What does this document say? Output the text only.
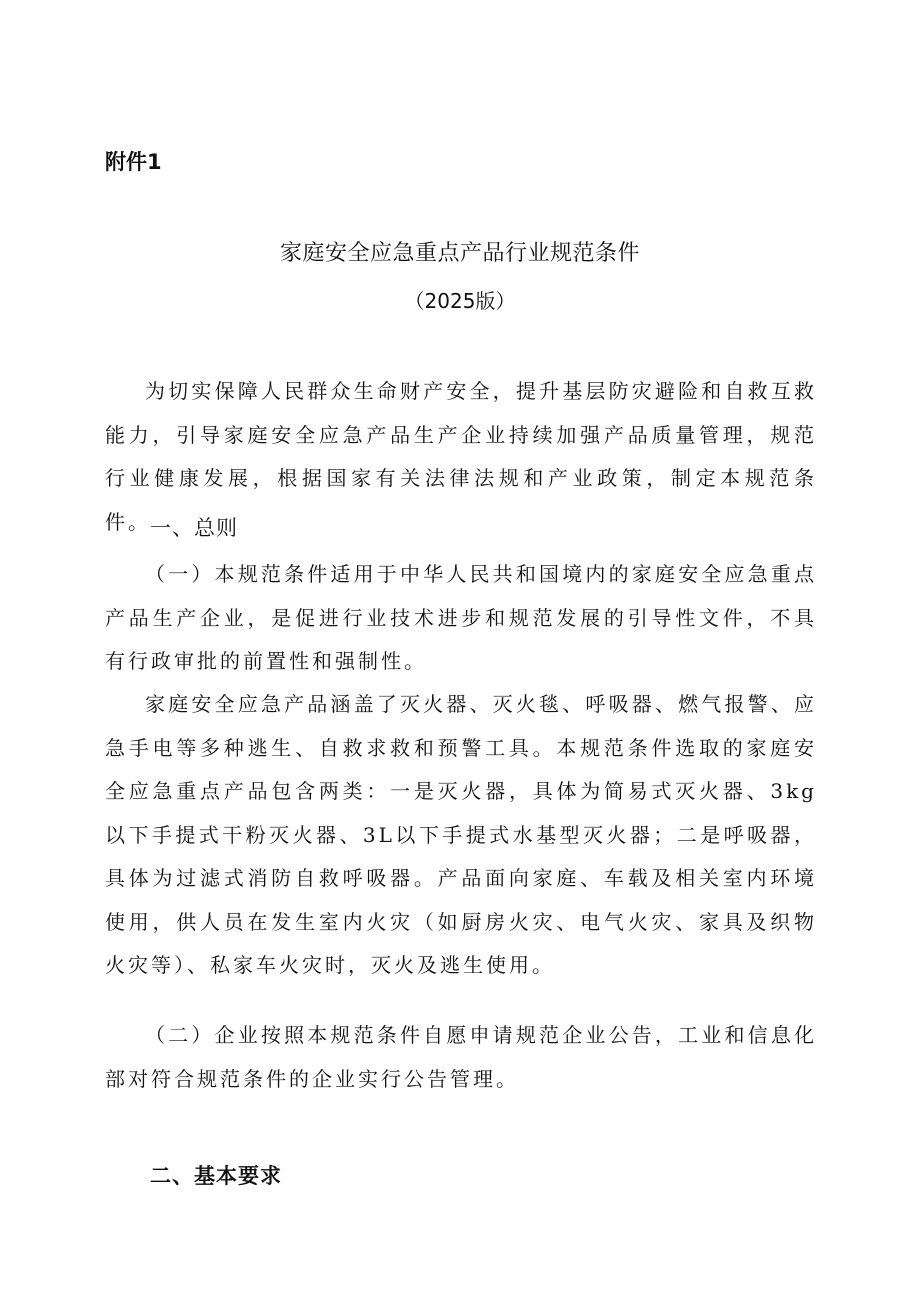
附件1
家庭安全应急重点产品行业规范条件
（2025版）

为切实保障人民群众生命财产安全，提升基层防灾避险和自救互救能力，引导家庭安全应急产品生产企业持续加强产品质量管理，规范行业健康发展，根据国家有关法律法规和产业政策，制定本规范条件。 一、总则

（一）本规范条件适用于中华人民共和国境内的家庭安全应急重点产品生产企业，是促进行业技术进步和规范发展的引导性文件，不具有行政审批的前置性和强制性。

家庭安全应急产品涵盖了灭火器、灭火毯、呼吸器、燃气报警、应急手电等多种逃生、自救求救和预警工具。本规范条件选取的家庭安全应急重点产品包含两类：一是灭火器，具体为简易式灭火器、3kg以下手提式干粉灭火器、3L以下手提式水基型灭火器；二是呼吸器，具体为过滤式消防自救呼吸器。产品面向家庭、车载及相关室内环境使用，供人员在发生室内火灾（如厨房火灾、电气火灾、家具及织物火灾等）、私家车火灾时，灭火及逃生使用。

（二）企业按照本规范条件自愿申请规范企业公告，工业和信息化部对符合规范条件的企业实行公告管理。

二、基本要求
